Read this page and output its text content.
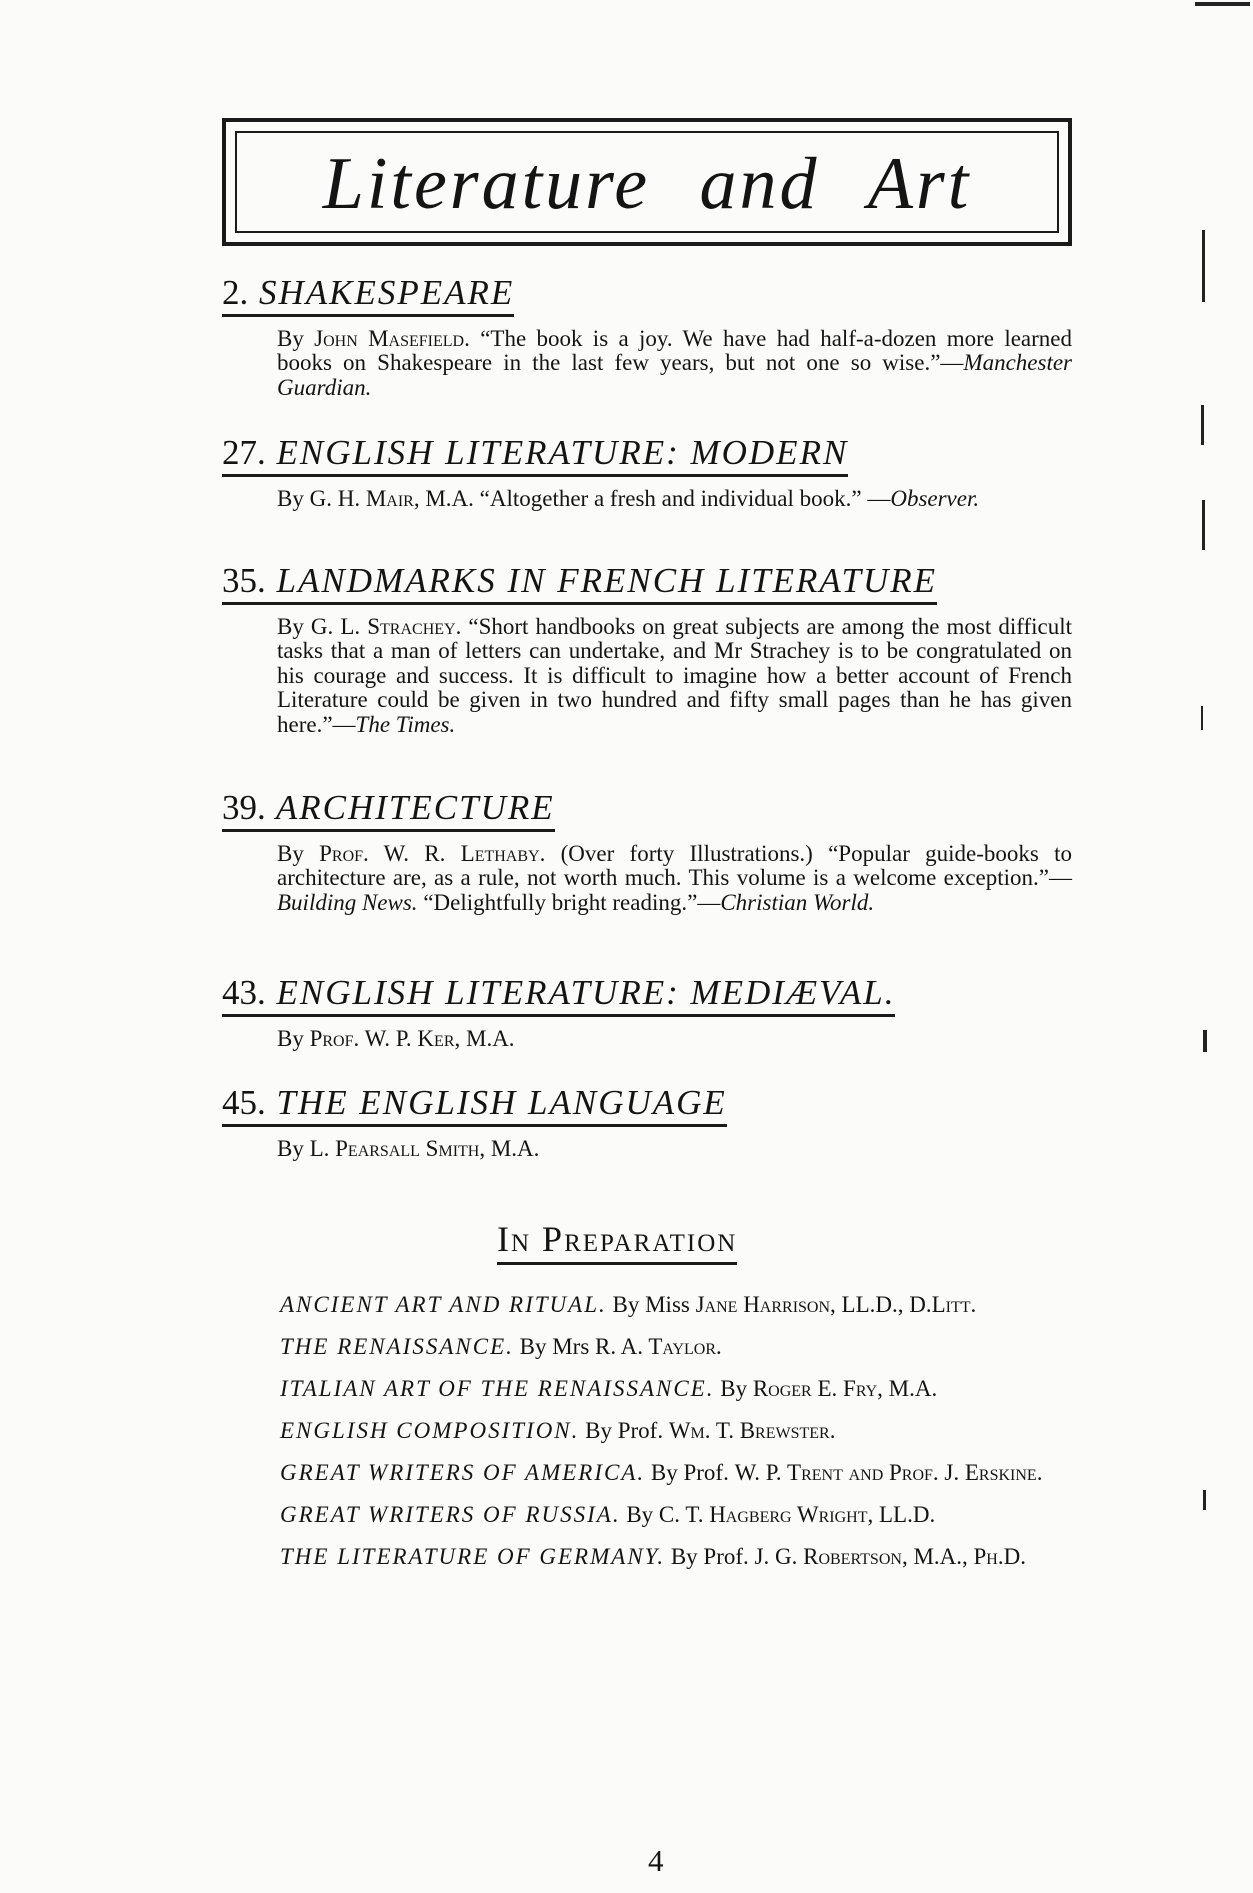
Literature and Art
2. SHAKESPEARE
By John Masefield. “The book is a joy. We have had half-a-dozen more learned books on Shakespeare in the last few years, but not one so wise.”—Manchester Guardian.
27. ENGLISH LITERATURE: MODERN
By G. H. Mair, M.A. “Altogether a fresh and individual book.” —Observer.
35. LANDMARKS IN FRENCH LITERATURE
By G. L. Strachey. “Short handbooks on great subjects are among the most difficult tasks that a man of letters can undertake, and Mr Strachey is to be congratulated on his courage and success. It is difficult to imagine how a better account of French Literature could be given in two hundred and fifty small pages than he has given here.”—The Times.
39. ARCHITECTURE
By Prof. W. R. Lethaby. (Over forty Illustrations.) “Popular guide-books to architecture are, as a rule, not worth much. This volume is a welcome exception.”—Building News. “Delightfully bright reading.”—Christian World.
43. ENGLISH LITERATURE: MEDIÆVAL.
By Prof. W. P. Ker, M.A.
45. THE ENGLISH LANGUAGE
By L. Pearsall Smith, M.A.
In Preparation
ANCIENT ART AND RITUAL. By Miss Jane Harrison, LL.D., D.Litt.
THE RENAISSANCE. By Mrs R. A. Taylor.
ITALIAN ART OF THE RENAISSANCE. By Roger E. Fry, M.A.
ENGLISH COMPOSITION. By Prof. Wm. T. Brewster.
GREAT WRITERS OF AMERICA. By Prof. W. P. Trent and Prof. J. Erskine.
GREAT WRITERS OF RUSSIA. By C. T. Hagberg Wright, LL.D.
THE LITERATURE OF GERMANY. By Prof. J. G. Robertson, M.A., Ph.D.
4
